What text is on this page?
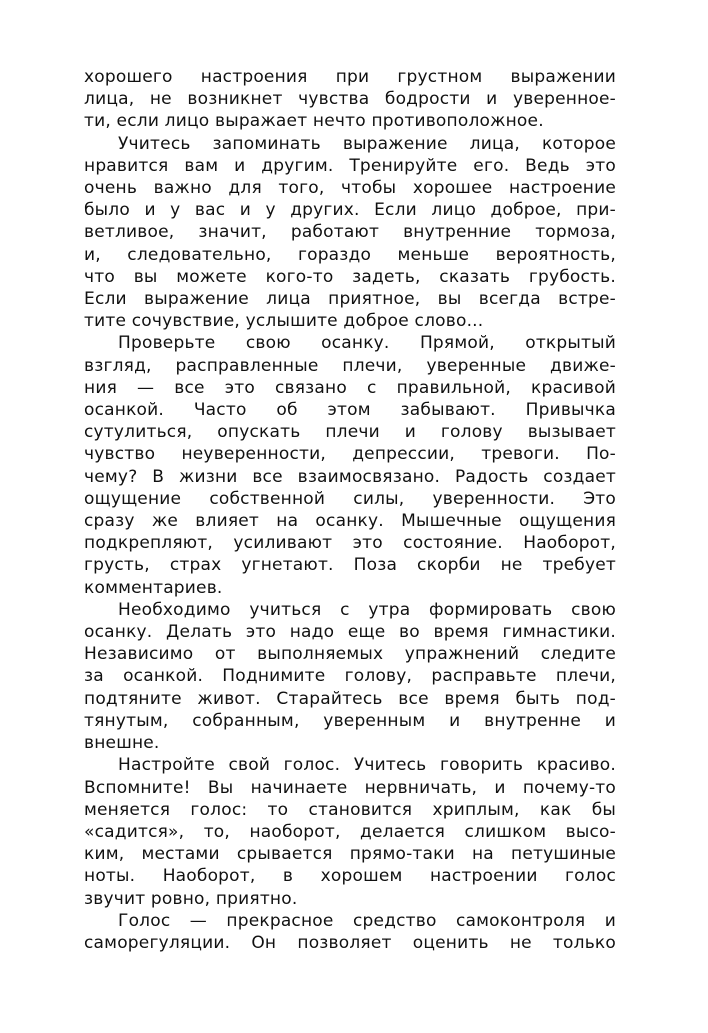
хорошего настроения при грустном выражении

лица, не возникнет чувства бодрости и уверенное-

ти, если лицо выражает нечто противоположное.

Учитесь запоминать выражение лица, которое

нравится вам и другим. Тренируйте его. Ведь это

очень важно для того, чтобы хорошее настроение

было и у вас и у других. Если лицо доброе, при-

ветливое, значит, работают внутренние тормоза,

и, следовательно, гораздо меньше вероятность,

что вы можете кого-то задеть, сказать грубость.

Если выражение лица приятное, вы всегда встре-

тите сочувствие, услышите доброе слово...

Проверьте свою осанку. Прямой, открытый

взгляд, расправленные плечи, уверенные движе-

ния — все это связано с правильной, красивой

осанкой. Часто об этом забывают. Привычка

сутулиться, опускать плечи и голову вызывает

чувство неуверенности, депрессии, тревоги. По-

чему? В жизни все взаимосвязано. Радость создает

ощущение собственной силы, уверенности. Это

сразу же влияет на осанку. Мышечные ощущения

подкрепляют, усиливают это состояние. Наоборот,

грусть, страх угнетают. Поза скорби не требует

комментариев.

Необходимо учиться с утра формировать свою

осанку. Делать это надо еще во время гимнастики.

Независимо от выполняемых упражнений следите

за осанкой. Поднимите голову, расправьте плечи,

подтяните живот. Старайтесь все время быть под-

тянутым, собранным, уверенным и внутренне и

внешне.

Настройте свой голос. Учитесь говорить красиво.

Вспомните! Вы начинаете нервничать, и почему-то

меняется голос: то становится хриплым, как бы

«садится», то, наоборот, делается слишком высо-

ким, местами срывается прямо-таки на петушиные

ноты. Наоборот, в хорошем настроении голос

звучит ровно, приятно.

Голос — прекрасное средство самоконтроля и

саморегуляции. Он позволяет оценить не только
